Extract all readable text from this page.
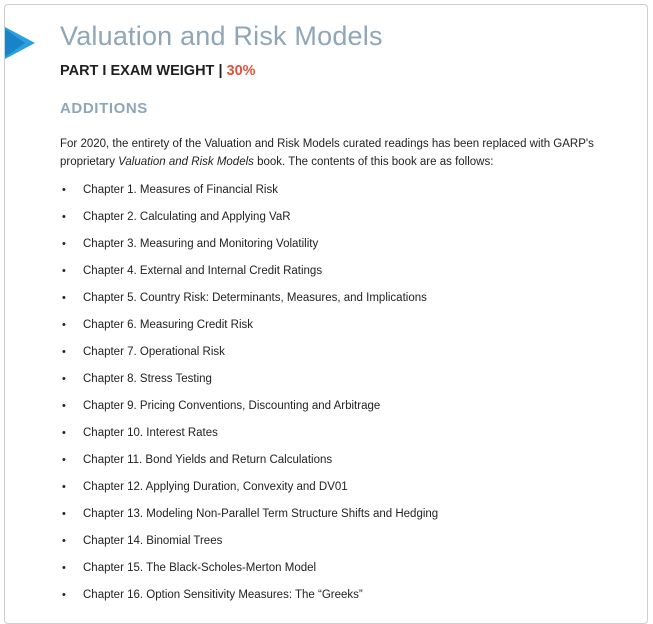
Valuation and Risk Models
PART I EXAM WEIGHT | 30%
ADDITIONS
For 2020, the entirety of the Valuation and Risk Models curated readings has been replaced with GARP's proprietary Valuation and Risk Models book. The contents of this book are as follows:
• Chapter 1. Measures of Financial Risk
• Chapter 2. Calculating and Applying VaR
• Chapter 3. Measuring and Monitoring Volatility
• Chapter 4. External and Internal Credit Ratings
• Chapter 5. Country Risk: Determinants, Measures, and Implications
• Chapter 6. Measuring Credit Risk
• Chapter 7. Operational Risk
• Chapter 8. Stress Testing
• Chapter 9. Pricing Conventions, Discounting and Arbitrage
• Chapter 10. Interest Rates
• Chapter 11. Bond Yields and Return Calculations
• Chapter 12. Applying Duration, Convexity and DV01
• Chapter 13. Modeling Non-Parallel Term Structure Shifts and Hedging
• Chapter 14. Binomial Trees
• Chapter 15. The Black-Scholes-Merton Model
• Chapter 16. Option Sensitivity Measures: The “Greeks”
